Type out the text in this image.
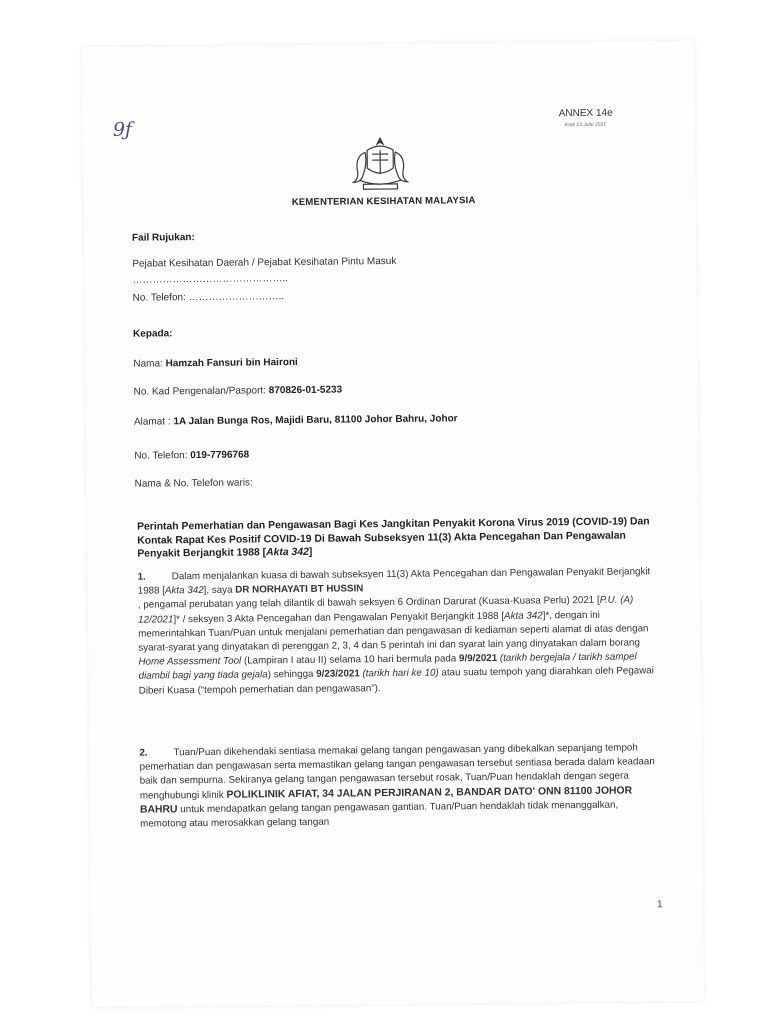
9ƒ
ANNEX 14e
Kmk 13 Julai 2021
KEMENTERIAN KESIHATAN MALAYSIA
Fail Rujukan:
Pejabat Kesihatan Daerah / Pejabat Kesihatan Pintu Masuk
………………………………………..
No. Telefon: ………………………..
Kepada:
Nama: Hamzah Fansuri bin Haironi
No. Kad Pengenalan/Pasport: 870826-01-5233
Alamat : 1A Jalan Bunga Ros, Majidi Baru, 81100 Johor Bahru, Johor
No. Telefon: 019-7796768
Nama & No. Telefon waris:
Perintah Pemerhatian dan Pengawasan Bagi Kes Jangkitan Penyakit Korona Virus 2019 (COVID-19) Dan Kontak Rapat Kes Positif COVID-19 Di Bawah Subseksyen 11(3) Akta Pencegahan Dan Pengawalan Penyakit Berjangkit 1988 [Akta 342]
1.	Dalam menjalankan kuasa di bawah subseksyen 11(3) Akta Pencegahan dan Pengawalan Penyakit Berjangkit 1988 [Akta 342], saya DR NORHAYATI BT HUSSIN
, pengamal perubatan yang telah dilantik di bawah seksyen 6 Ordinan Darurat (Kuasa-Kuasa Perlu) 2021 [P.U. (A) 12/2021]* / seksyen 3 Akta Pencegahan dan Pengawalan Penyakit Berjangkit 1988 [Akta 342]*, dengan ini memerintahkan Tuan/Puan untuk menjalani pemerhatian dan pengawasan di kediaman seperti alamat di atas dengan syarat-syarat yang dinyatakan di perenggan 2, 3, 4 dan 5 perintah ini dan syarat lain yang dinyatakan dalam borang Home Assessment Tool (Lampiran I atau II) selama 10 hari bermula pada 9/9/2021 (tarikh bergejala / tarikh sampel diambil bagi yang tiada gejala) sehingga 9/23/2021 (tarikh hari ke 10) atau suatu tempoh yang diarahkan oleh Pegawai Diberi Kuasa (“tempoh pemerhatian dan pengawasan”).
2.	Tuan/Puan dikehendaki sentiasa memakai gelang tangan pengawasan yang dibekalkan sepanjang tempoh pemerhatian dan pengawasan serta memastikan gelang tangan pengawasan tersebut sentiasa berada dalam keadaan baik dan sempurna. Sekiranya gelang tangan pengawasan tersebut rosak, Tuan/Puan hendaklah dengan segera menghubungi klinik POLIKLINIK AFIAT, 34 JALAN PERJIRANAN 2, BANDAR DATO' ONN 81100 JOHOR BAHRU untuk mendapatkan gelang tangan pengawasan gantian. Tuan/Puan hendaklah tidak menanggalkan, memotong atau merosakkan gelang tangan
1
